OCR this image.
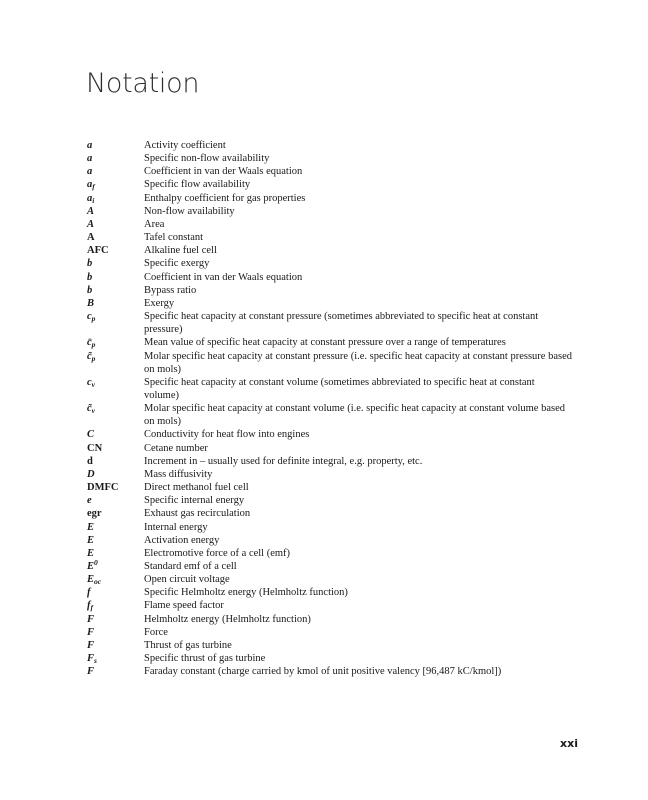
Notation
a	Activity coefficient
a	Specific non-flow availability
a	Coefficient in van der Waals equation
$a_f$	Specific flow availability
$a_i$	Enthalpy coefficient for gas properties
A	Non-flow availability
A	Area
A	Tafel constant
AFC	Alkaline fuel cell
b	Specific exergy
b	Coefficient in van der Waals equation
b	Bypass ratio
B	Exergy
$c_p$	Specific heat capacity at constant pressure (sometimes abbreviated to specific heat at constant
pressure)
$c̄_p$	Mean value of specific heat capacity at constant pressure over a range of temperatures
$c̃_p$	Molar specific heat capacity at constant pressure (i.e. specific heat capacity at constant pressure based
on mols)
$c_v$	Specific heat capacity at constant volume (sometimes abbreviated to specific heat at constant
volume)
$c̃_v$	Molar specific heat capacity at constant volume (i.e. specific heat capacity at constant volume based
on mols)
C	Conductivity for heat flow into engines
CN	Cetane number
d	Increment in – usually used for definite integral, e.g. property, etc.
D	Mass diffusivity
DMFC	Direct methanol fuel cell
e	Specific internal energy
egr	Exhaust gas recirculation
E	Internal energy
E	Activation energy
E	Electromotive force of a cell (emf)
$E^0$	Standard emf of a cell
$E_{oc}$	Open circuit voltage
f	Specific Helmholtz energy (Helmholtz function)
$f_f$	Flame speed factor
F	Helmholtz energy (Helmholtz function)
F	Force
F	Thrust of gas turbine
$F_s$	Specific thrust of gas turbine
F	Faraday constant (charge carried by kmol of unit positive valency [96,487 kC/kmol])
xxi
